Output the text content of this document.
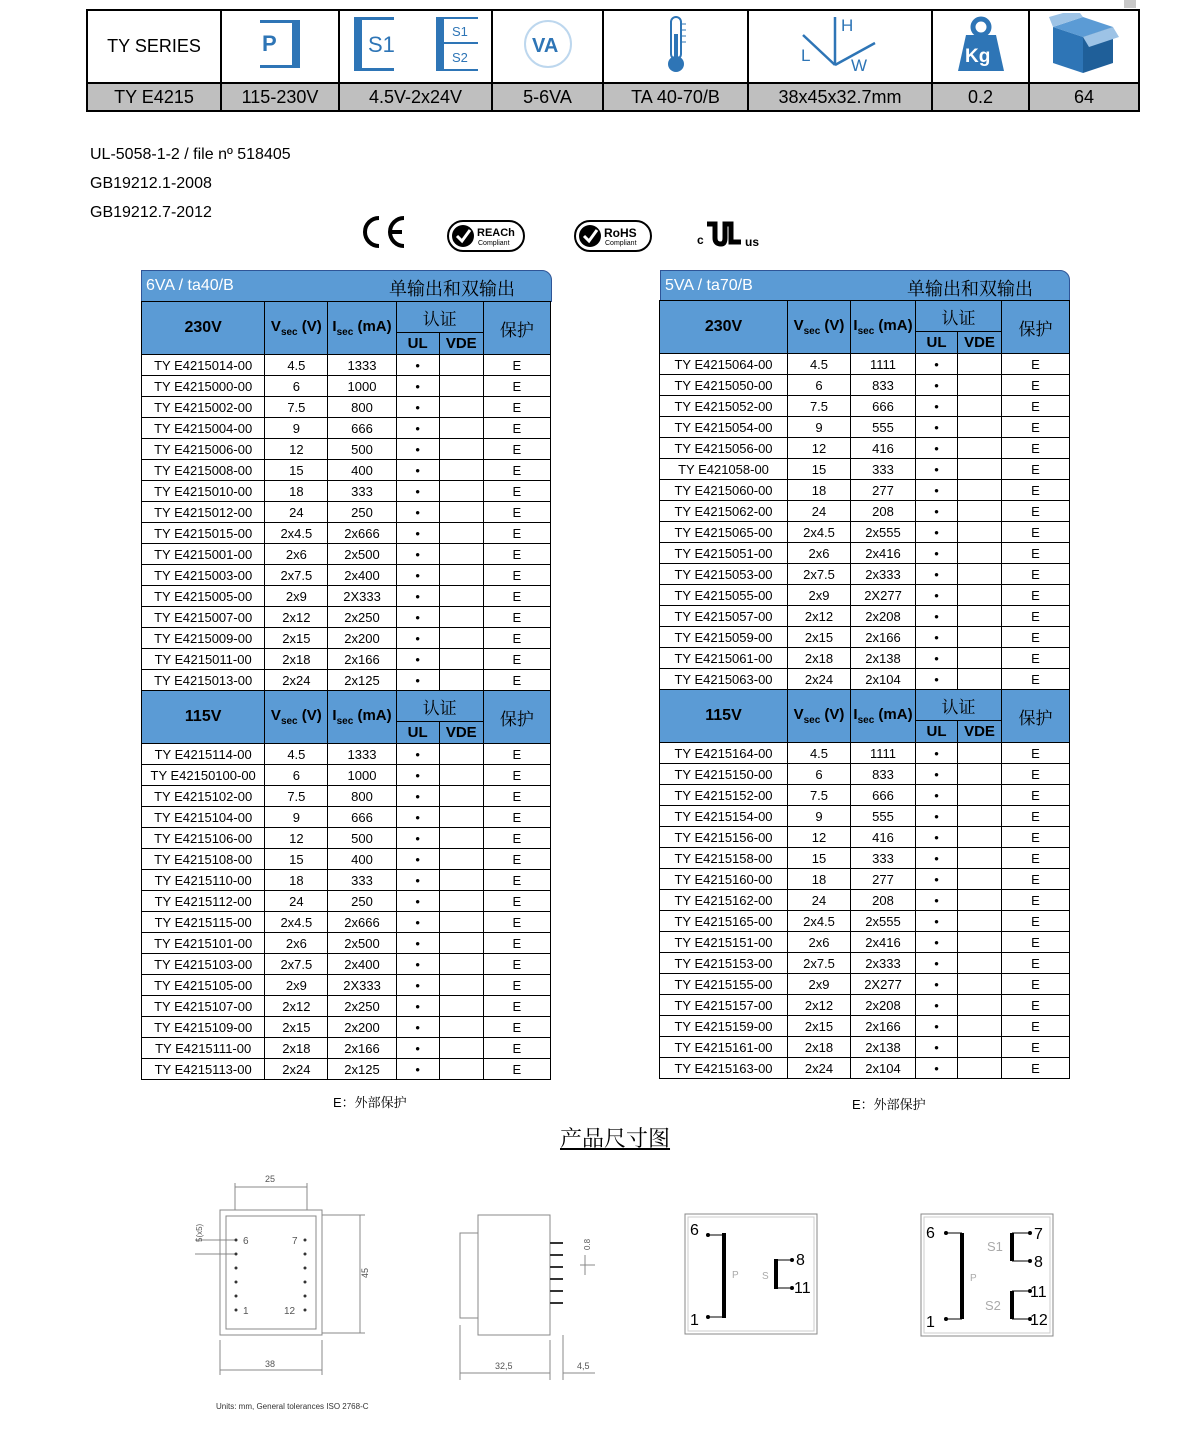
TY SERIES	P	S1
S1
S2	VA		H
L
W	Kg

TY E4215	115-230V	4.5V-2x24V	5-6VA	TA 40-70/B	38x45x32.7mm	0.2	64
UL-5058-1-2 / file nº 518405
GB19212.1-2008
GB19212.7-2012
REACh
Compliant
RoHS
Compliant	c	us
6VA / ta40/B	单输出和双输出
230V	$V_{sec}$ (V)	$I_{sec}$ (mA)	认证		保护
			UL	VDE	
TY E4215014-00	4.5	1333	•		E
TY E4215000-00	6	1000	•		E
TY E4215002-00	7.5	800	•		E
TY E4215004-00	9	666	•		E
TY E4215006-00	12	500	•		E
TY E4215008-00	15	400	•		E
TY E4215010-00	18	333	•		E
TY E4215012-00	24	250	•		E
TY E4215015-00	2x4.5	2x666	•		E
TY E4215001-00	2x6	2x500	•		E
TY E4215003-00	2x7.5	2x400	•		E
TY E4215005-00	2x9	2X333	•		E
TY E4215007-00	2x12	2x250	•		E
TY E4215009-00	2x15	2x200	•		E
TY E4215011-00	2x18	2x166	•		E
TY E4215013-00	2x24	2x125	•		E
115V	$V_{sec}$ (V)	$I_{sec}$ (mA)	认证		保护
			UL	VDE	
TY E4215114-00	4.5	1333	•		E
TY E42150100-00	6	1000	•		E
TY E4215102-00	7.5	800	•		E
TY E4215104-00	9	666	•		E
TY E4215106-00	12	500	•		E
TY E4215108-00	15	400	•		E
TY E4215110-00	18	333	•		E
TY E4215112-00	24	250	•		E
TY E4215115-00	2x4.5	2x666	•		E
TY E4215101-00	2x6	2x500	•		E
TY E4215103-00	2x7.5	2x400	•		E
TY E4215105-00	2x9	2X333	•		E
TY E4215107-00	2x12	2x250	•		E
TY E4215109-00	2x15	2x200	•		E
TY E4215111-00	2x18	2x166	•		E
TY E4215113-00	2x24	2x125	•		E
E：外部保护
5VA / ta70/B	单输出和双输出
230V	$V_{sec}$ (V)	$I_{sec}$ (mA)	认证		保护
			UL	VDE	
TY E4215064-00	4.5	1111	•		E
TY E4215050-00	6	833	•		E
TY E4215052-00	7.5	666	•		E
TY E4215054-00	9	555	•		E
TY E4215056-00	12	416	•		E
TY E421058-00	15	333	•		E
TY E4215060-00	18	277	•		E
TY E4215062-00	24	208	•		E
TY E4215065-00	2x4.5	2x555	•		E
TY E4215051-00	2x6	2x416	•		E
TY E4215053-00	2x7.5	2x333	•		E
TY E4215055-00	2x9	2X277	•		E
TY E4215057-00	2x12	2x208	•		E
TY E4215059-00	2x15	2x166	•		E
TY E4215061-00	2x18	2x138	•		E
TY E4215063-00	2x24	2x104	•		E
115V	$V_{sec}$ (V)	$I_{sec}$ (mA)	认证		保护
			UL	VDE	
TY E4215164-00	4.5	1111	•		E
TY E4215150-00	6	833	•		E
TY E4215152-00	7.5	666	•		E
TY E4215154-00	9	555	•		E
TY E4215156-00	12	416	•		E
TY E4215158-00	15	333	•		E
TY E4215160-00	18	277	•		E
TY E4215162-00	24	208	•		E
TY E4215165-00	2x4.5	2x555	•		E
TY E4215151-00	2x6	2x416	•		E
TY E4215153-00	2x7.5	2x333	•		E
TY E4215155-00	2x9	2X277	•		E
TY E4215157-00	2x12	2x208	•		E
TY E4215159-00	2x15	2x166	•		E
TY E4215161-00	2x18	2x138	•		E
TY E4215163-00	2x24	2x104	•		E
E：外部保护
产品尺寸图
25
5(x5)	6	7
1	12
45
38	32,5	4,5
0.8
6
1
8
11
P S
6
1
7
8
11
12
P
S1
S2
Units: mm, General tolerances ISO 2768-C
